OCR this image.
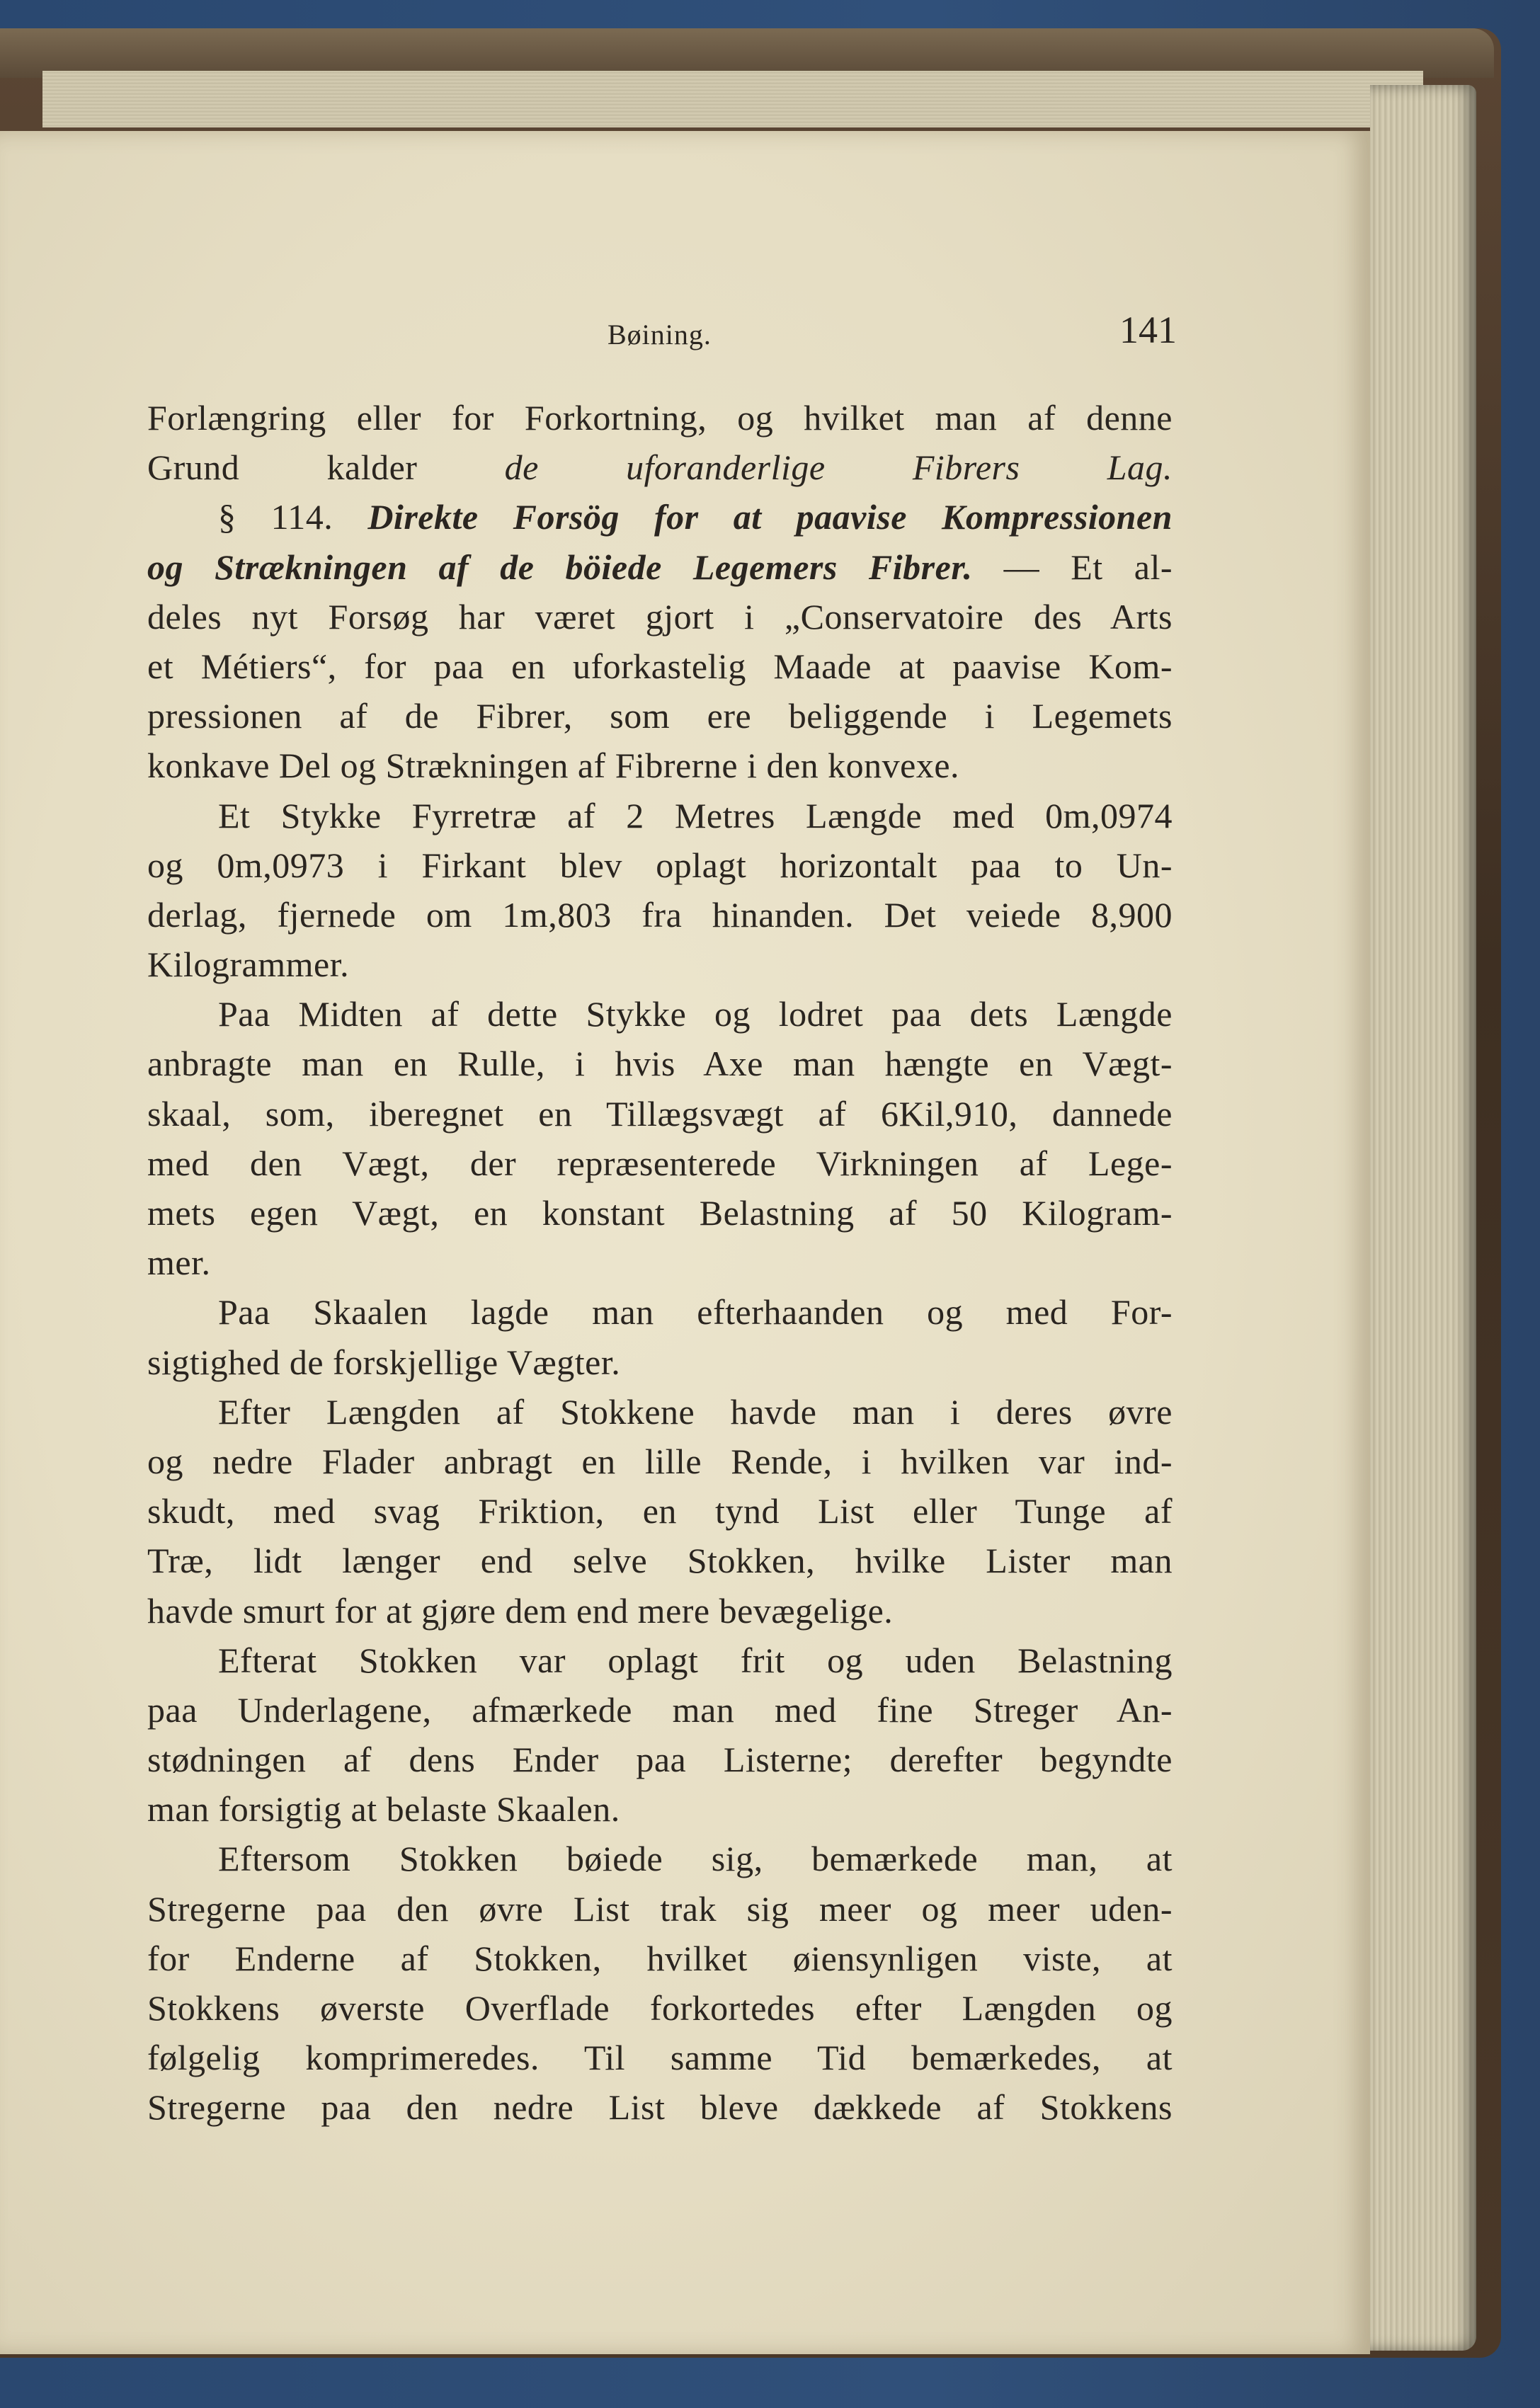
Bøining.	141
Forlængring eller for Forkortning, og hvilket man af denne
Grund kalder de uforanderlige Fibrers Lag.
§ 114. Direkte Forsög for at paavise Kompressionen
og Strækningen af de böiede Legemers Fibrer. — Et al-
deles nyt Forsøg har været gjort i „Conservatoire des Arts
et Métiers“, for paa en uforkastelig Maade at paavise Kom-
pressionen af de Fibrer, som ere beliggende i Legemets
konkave Del og Strækningen af Fibrerne i den konvexe.
Et Stykke Fyrretræ af 2 Metres Længde med 0m,0974
og 0m,0973 i Firkant blev oplagt horizontalt paa to Un-
derlag, fjernede om 1m,803 fra hinanden. Det veiede 8,900
Kilogrammer.
Paa Midten af dette Stykke og lodret paa dets Længde
anbragte man en Rulle, i hvis Axe man hængte en Vægt-
skaal, som, iberegnet en Tillægsvægt af 6Kil,910, dannede
med den Vægt, der repræsenterede Virkningen af Lege-
mets egen Vægt, en konstant Belastning af 50 Kilogram-
mer.
Paa Skaalen lagde man efterhaanden og med For-
sigtighed de forskjellige Vægter.
Efter Længden af Stokkene havde man i deres øvre
og nedre Flader anbragt en lille Rende, i hvilken var ind-
skudt, med svag Friktion, en tynd List eller Tunge af
Træ, lidt længer end selve Stokken, hvilke Lister man
havde smurt for at gjøre dem end mere bevægelige.
Efterat Stokken var oplagt frit og uden Belastning
paa Underlagene, afmærkede man med fine Streger An-
stødningen af dens Ender paa Listerne; derefter begyndte
man forsigtig at belaste Skaalen.
Eftersom Stokken bøiede sig, bemærkede man, at
Stregerne paa den øvre List trak sig meer og meer uden-
for Enderne af Stokken, hvilket øiensynligen viste, at
Stokkens øverste Overflade forkortedes efter Længden og
følgelig komprimeredes. Til samme Tid bemærkedes, at
Stregerne paa den nedre List bleve dækkede af Stokkens
